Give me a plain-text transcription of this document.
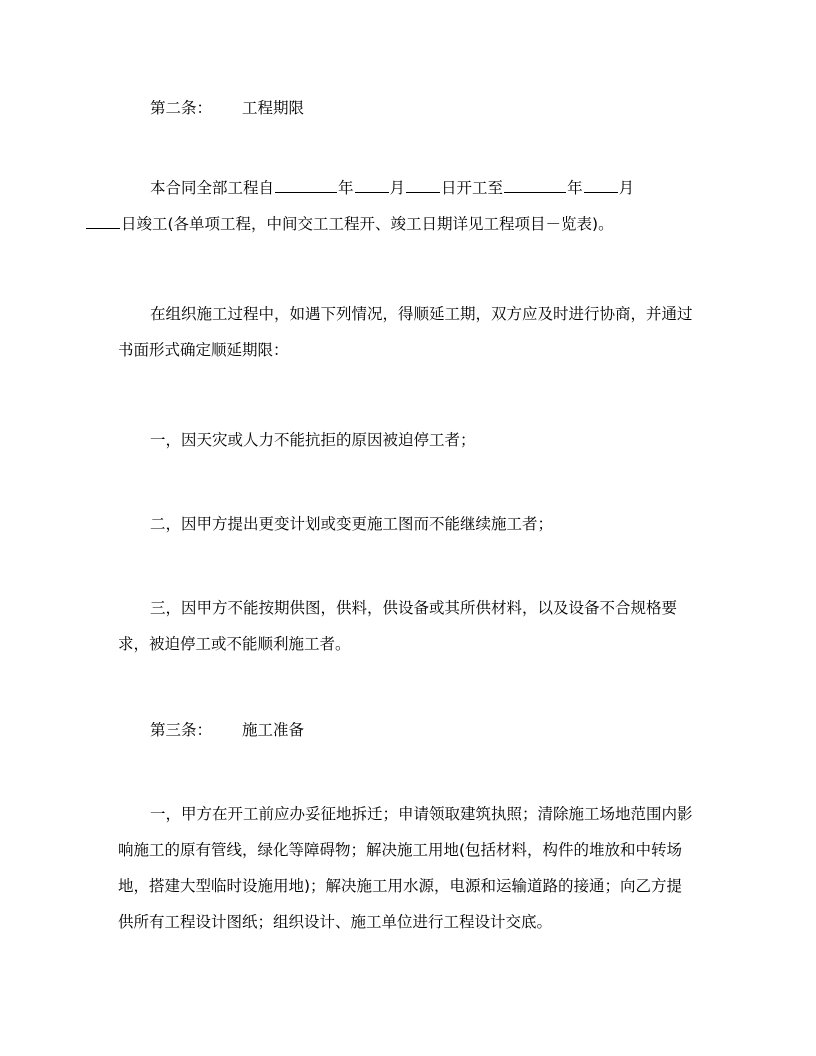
第二条： 工程期限
本合同全部工程自	年 月 日开工至	年 月
日竣工(各单项工程，中间交工工程开、竣工日期详见工程项目－览表)。
在组织施工过程中，如遇下列情况，得顺延工期，双方应及时进行协商，并通过书面形式确定顺延期限：
一，因天灾或人力不能抗拒的原因被迫停工者；
二，因甲方提出更变计划或变更施工图而不能继续施工者；
三，因甲方不能按期供图，供料，供设备或其所供材料，以及设备不合规格要求，被迫停工或不能顺利施工者。
第三条： 施工准备
一，甲方在开工前应办妥征地拆迁；申请领取建筑执照；清除施工场地范围内影响施工的原有管线，绿化等障碍物；解决施工用地(包括材料，构件的堆放和中转场地，搭建大型临时设施用地)；解决施工用水源，电源和运输道路的接通；向乙方提供所有工程设计图纸；组织设计、施工单位进行工程设计交底。
